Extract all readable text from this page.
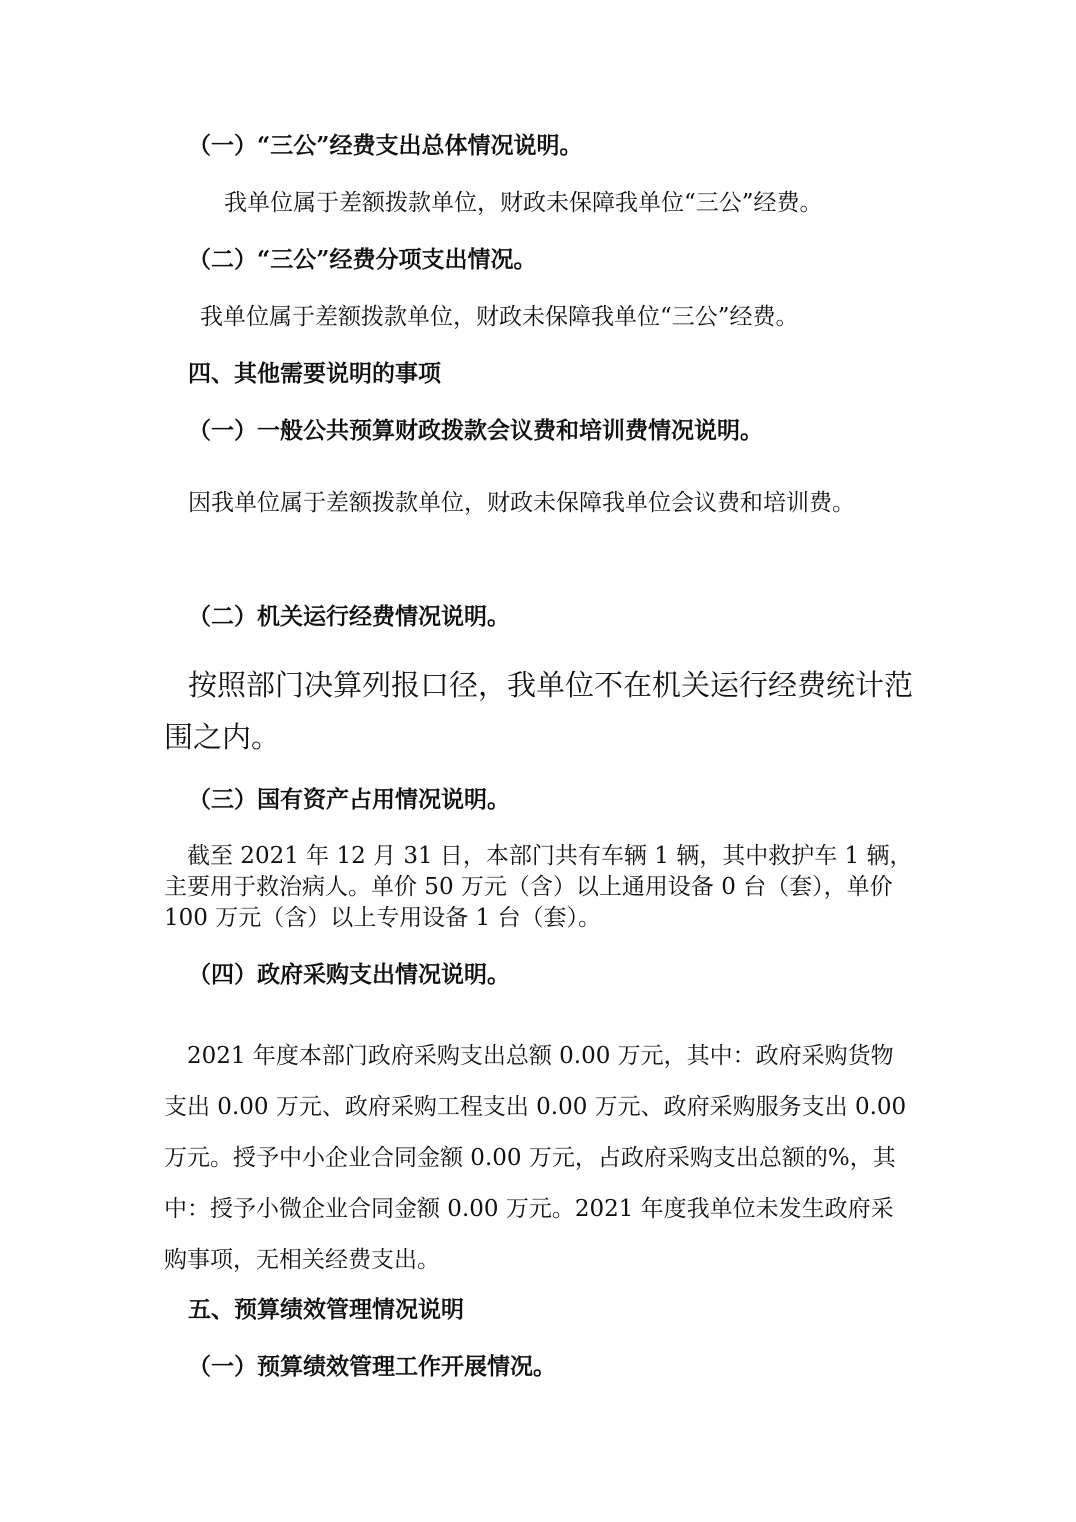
（一）“三公”经费支出总体情况说明。
我单位属于差额拨款单位，财政未保障我单位“三公”经费。
（二）“三公”经费分项支出情况。
我单位属于差额拨款单位，财政未保障我单位“三公”经费。
四、其他需要说明的事项
（一）一般公共预算财政拨款会议费和培训费情况说明。
因我单位属于差额拨款单位，财政未保障我单位会议费和培训费。
（二）机关运行经费情况说明。
按照部门决算列报口径，我单位不在机关运行经费统计范
围之内。
（三）国有资产占用情况说明。
截至 2021 年 12 月 31 日，本部门共有车辆 1 辆，其中救护车 1 辆，主要用于救治病人。单价 50 万元（含）以上通用设备 0 台（套），单价 100 万元（含）以上专用设备 1 台（套）。
（四）政府采购支出情况说明。
2021 年度本部门政府采购支出总额 0.00 万元，其中：政府采购货物支出 0.00 万元、政府采购工程支出 0.00 万元、政府采购服务支出 0.00 万元。授予中小企业合同金额 0.00 万元，占政府采购支出总额的%，其中：授予小微企业合同金额 0.00 万元。2021 年度我单位未发生政府采购事项，无相关经费支出。
五、预算绩效管理情况说明
（一）预算绩效管理工作开展情况。
